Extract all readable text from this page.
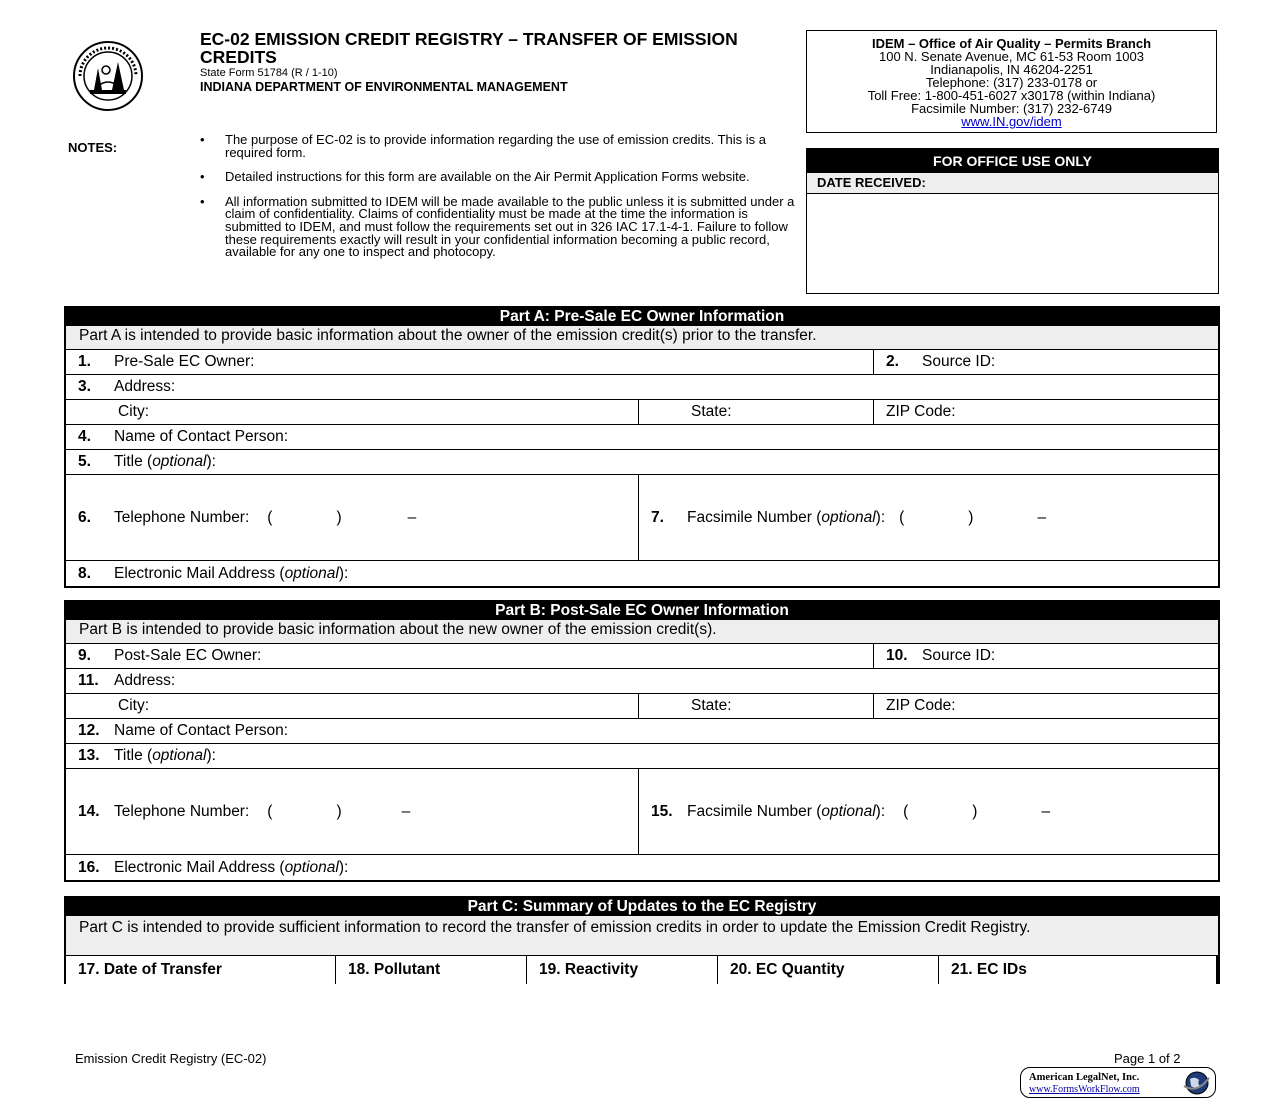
EC-02 EMISSION CREDIT REGISTRY – TRANSFER OF EMISSION CREDITS
State Form 51784 (R / 1-10)
INDIANA DEPARTMENT OF ENVIRONMENTAL MANAGEMENT
IDEM – Office of Air Quality – Permits Branch
100 N. Senate Avenue, MC 61-53 Room 1003
Indianapolis, IN 46204-2251
Telephone: (317) 233-0178 or
Toll Free: 1-800-451-6027 x30178 (within Indiana)
Facsimile Number: (317) 232-6749
www.IN.gov/idem
NOTES:
• The purpose of EC-02 is to provide information regarding the use of emission credits. This is a required form.
• Detailed instructions for this form are available on the Air Permit Application Forms website.
• All information submitted to IDEM will be made available to the public unless it is submitted under a claim of confidentiality. Claims of confidentiality must be made at the time the information is submitted to IDEM, and must follow the requirements set out in 326 IAC 17.1-4-1. Failure to follow these requirements exactly will result in your confidential information becoming a public record, available for any one to inspect and photocopy.
FOR OFFICE USE ONLY
DATE RECEIVED:
Part A: Pre-Sale EC Owner Information
Part A is intended to provide basic information about the owner of the emission credit(s) prior to the transfer.
1.	Pre-Sale EC Owner:	2.	Source ID:
3.	Address:
City:	State:	ZIP Code:
4.	Name of Contact Person:
5.	Title (optional):
6.	Telephone Number: (	)	–	7.	Facsimile Number (optional): (	)	–
8.	Electronic Mail Address (optional):
Part B: Post-Sale EC Owner Information
Part B is intended to provide basic information about the new owner of the emission credit(s).
9.	Post-Sale EC Owner:	10. Source ID:
11. Address:
City:	State:	ZIP Code:
12. Name of Contact Person:
13. Title (optional):
14. Telephone Number: (	)	–	15. Facsimile Number (optional): (	)	–
16. Electronic Mail Address (optional):
Part C: Summary of Updates to the EC Registry
Part C is intended to provide sufficient information to record the transfer of emission credits in order to update the Emission Credit Registry.
17. Date of Transfer	18. Pollutant	19. Reactivity	20. EC Quantity	21. EC IDs
Emission Credit Registry (EC-02)	Page 1 of 2
American LegalNet, Inc.
www.FormsWorkFlow.com
